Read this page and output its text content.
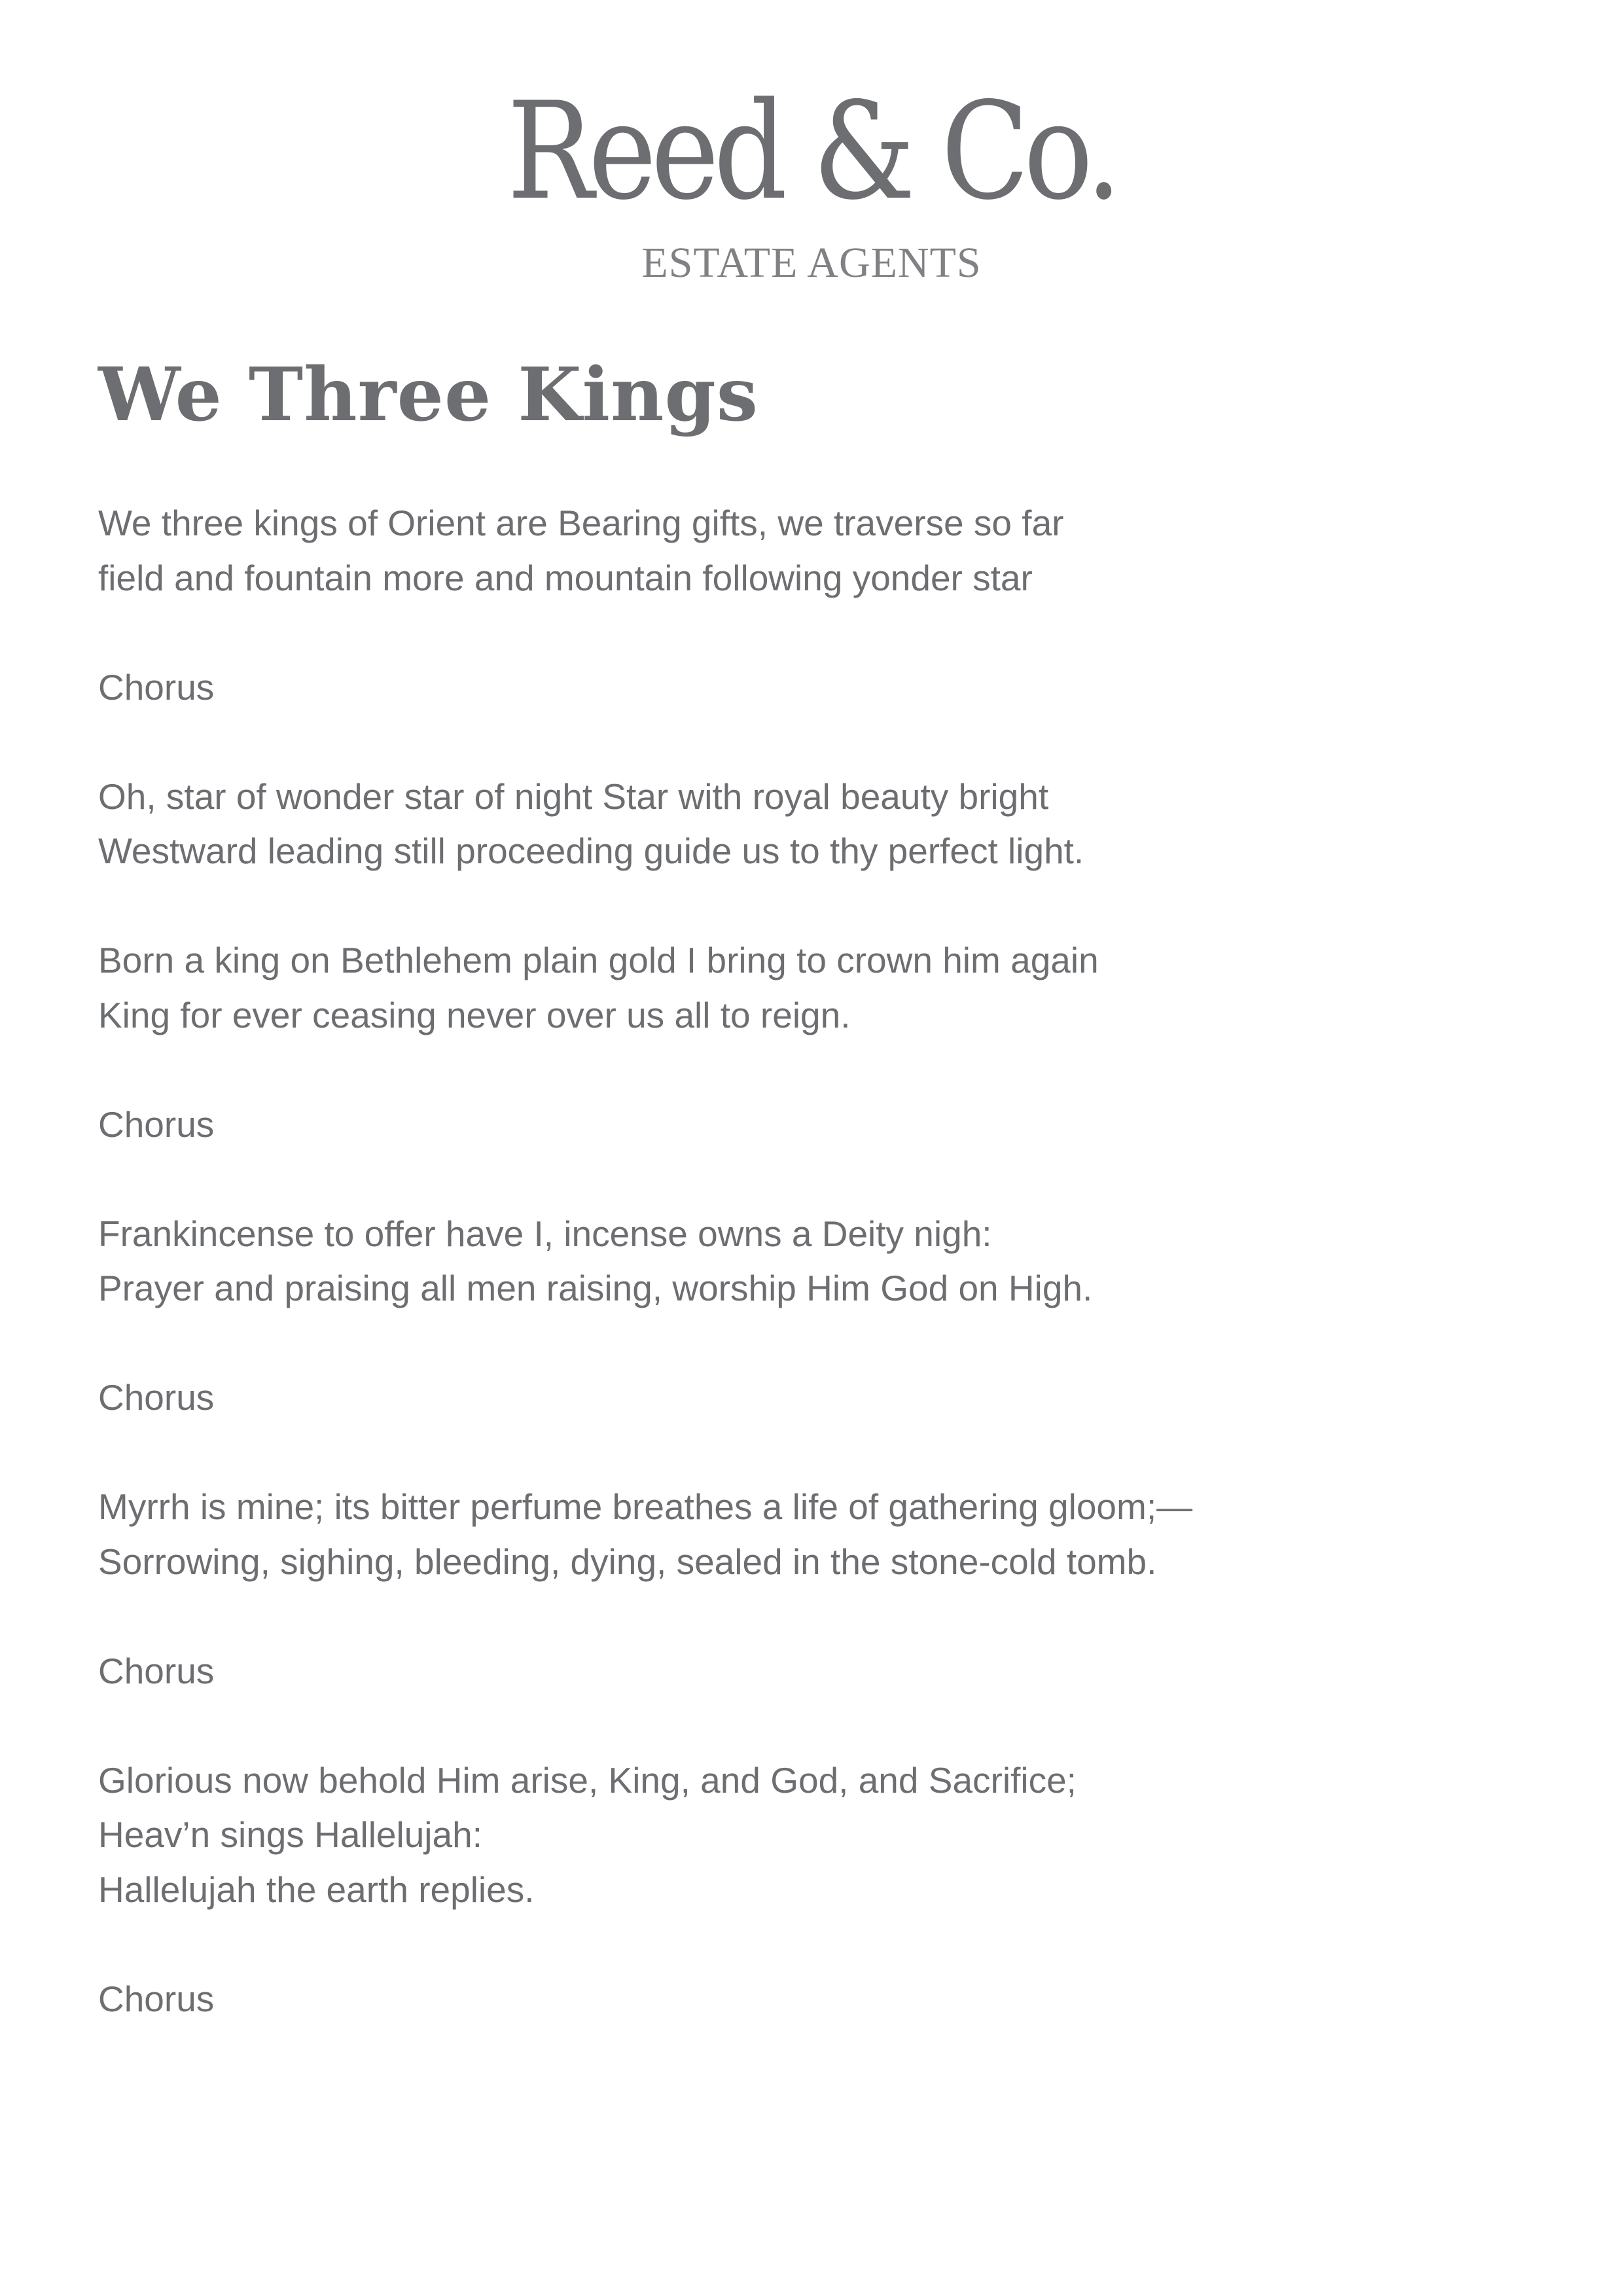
Reed & Co.
ESTATE AGENTS
We Three Kings
We three kings of Orient are Bearing gifts, we traverse so far
field and fountain more and mountain following yonder star
Chorus
Oh, star of wonder star of night Star with royal beauty bright
Westward leading still proceeding guide us to thy perfect light.
Born a king on Bethlehem plain gold I bring to crown him again
King for ever ceasing never over us all to reign.
Chorus
Frankincense to offer have I, incense owns a Deity nigh:
Prayer and praising all men raising, worship Him God on High.
Chorus
Myrrh is mine; its bitter perfume breathes a life of gathering gloom;—
Sorrowing, sighing, bleeding, dying, sealed in the stone-cold tomb.
Chorus
Glorious now behold Him arise, King, and God, and Sacrifice;
Heav’n sings Hallelujah:
Hallelujah the earth replies.
Chorus
